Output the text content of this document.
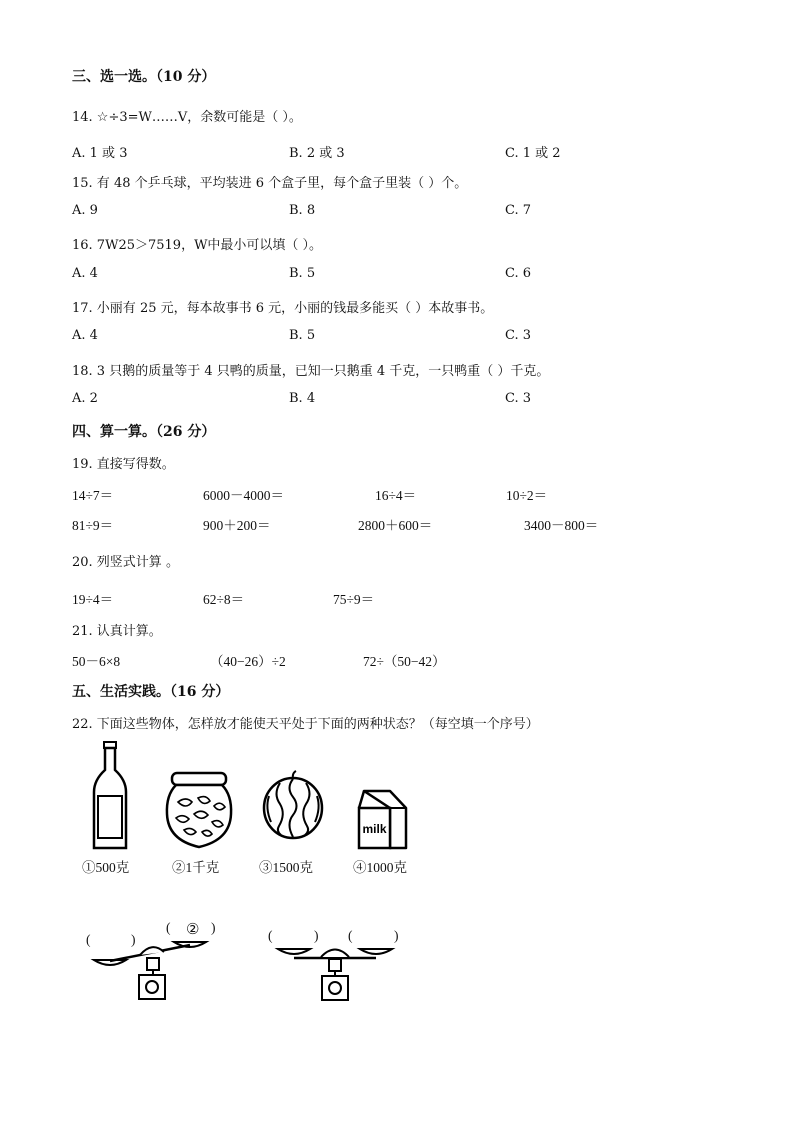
三、选一选。（10 分）
14. ☆÷3=W……V，余数可能是（ ）。
A. 1 或 3	B. 2 或 3	C. 1 或 2
15. 有 48 个乒乓球，平均装进 6 个盒子里，每个盒子里装（ ）个。
A. 9	B. 8	C. 7
16. 7W25＞7519，W中最小可以填（ ）。
A. 4	B. 5	C. 6
17. 小丽有 25 元，每本故事书 6 元，小丽的钱最多能买（ ）本故事书。
A. 4	B. 5	C. 3
18. 3 只鹅的质量等于 4 只鸭的质量，已知一只鹅重 4 千克，一只鸭重（ ）千克。
A. 2	B. 4	C. 3
四、算一算。（26 分）
19. 直接写得数。
14÷7＝	6000－4000＝	16÷4＝	10÷2＝
81÷9＝	900＋200＝	2800＋600＝	3400－800＝
20. 列竖式计算 。
19÷4＝	62÷8＝	75÷9＝
21. 认真计算。
50－6×8	（40−26）÷2	72÷（50−42）
五、生活实践。（16 分）
22. 下面这些物体，怎样放才能使天平处于下面的两种状态？（每空填一个序号）
milk
①500克	②1千克	③1500克	④1000克
(	)
( ② )
(	) (	)
